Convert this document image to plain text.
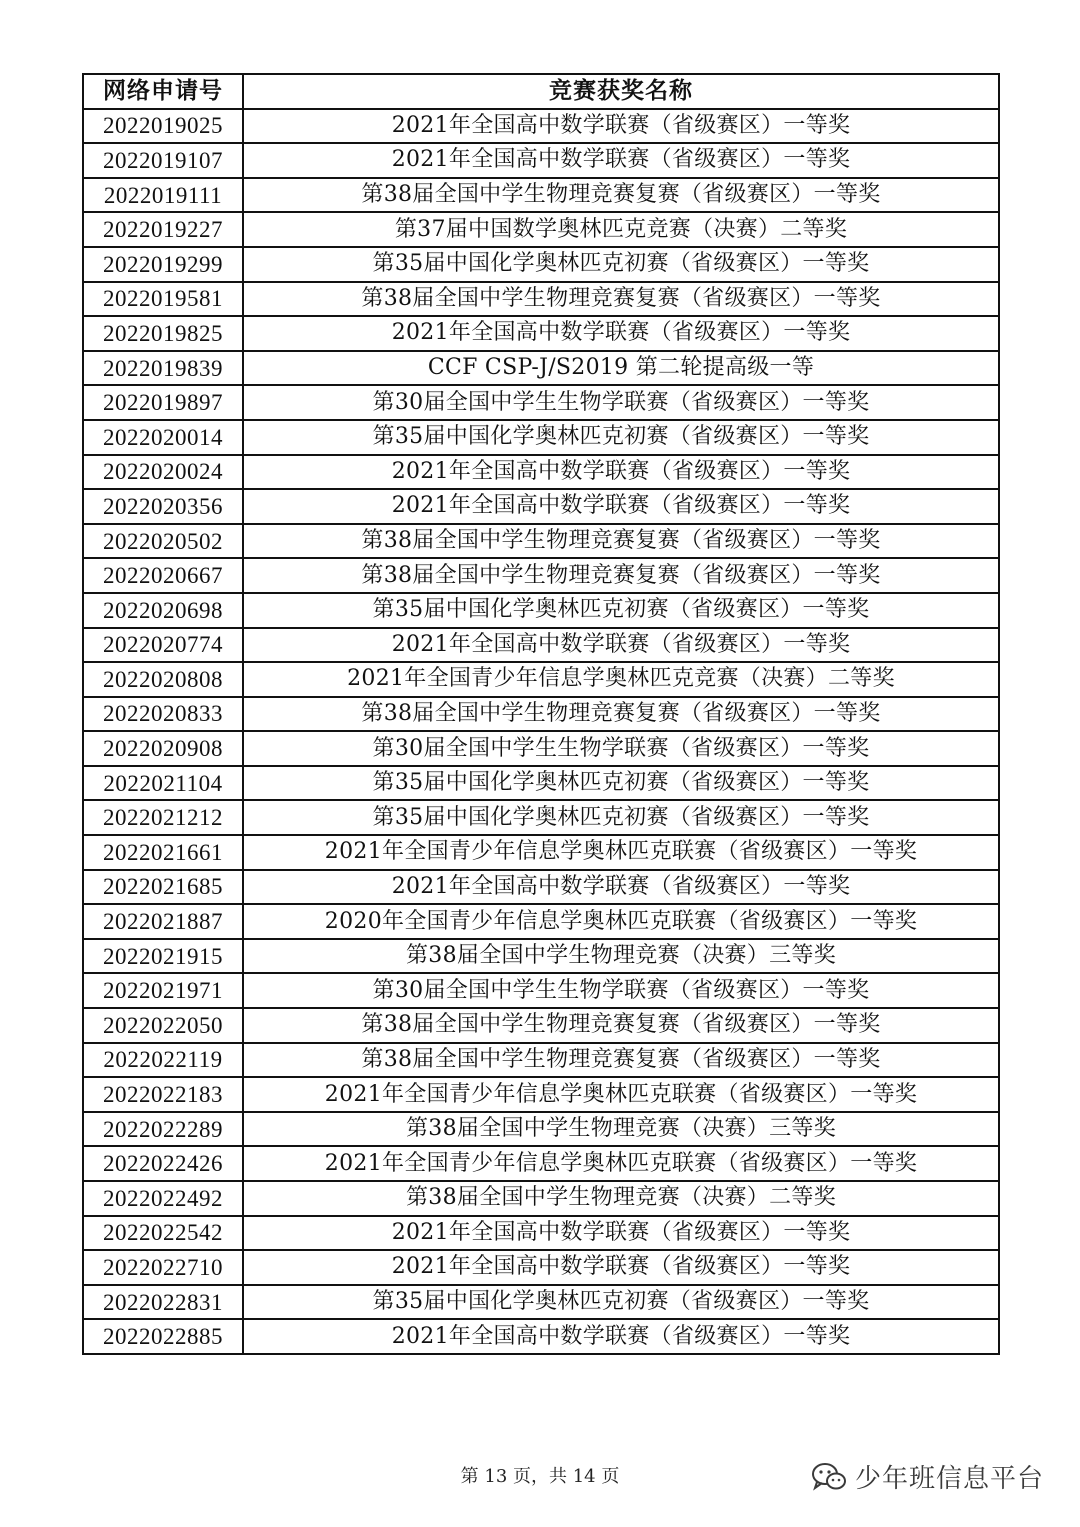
网络申请号	竞赛获奖名称
2022019025	2021年全国高中数学联赛（省级赛区）一等奖
2022019107	2021年全国高中数学联赛（省级赛区）一等奖
2022019111	第38届全国中学生物理竞赛复赛（省级赛区）一等奖
2022019227	第37届中国数学奥林匹克竞赛（决赛）二等奖
2022019299	第35届中国化学奥林匹克初赛（省级赛区）一等奖
2022019581	第38届全国中学生物理竞赛复赛（省级赛区）一等奖
2022019825	2021年全国高中数学联赛（省级赛区）一等奖
2022019839	CCF CSP-J/S2019 第二轮提高级一等
2022019897	第30届全国中学生生物学联赛（省级赛区）一等奖
2022020014	第35届中国化学奥林匹克初赛（省级赛区）一等奖
2022020024	2021年全国高中数学联赛（省级赛区）一等奖
2022020356	2021年全国高中数学联赛（省级赛区）一等奖
2022020502	第38届全国中学生物理竞赛复赛（省级赛区）一等奖
2022020667	第38届全国中学生物理竞赛复赛（省级赛区）一等奖
2022020698	第35届中国化学奥林匹克初赛（省级赛区）一等奖
2022020774	2021年全国高中数学联赛（省级赛区）一等奖
2022020808	2021年全国青少年信息学奥林匹克竞赛（决赛）二等奖
2022020833	第38届全国中学生物理竞赛复赛（省级赛区）一等奖
2022020908	第30届全国中学生生物学联赛（省级赛区）一等奖
2022021104	第35届中国化学奥林匹克初赛（省级赛区）一等奖
2022021212	第35届中国化学奥林匹克初赛（省级赛区）一等奖
2022021661	2021年全国青少年信息学奥林匹克联赛（省级赛区）一等奖
2022021685	2021年全国高中数学联赛（省级赛区）一等奖
2022021887	2020年全国青少年信息学奥林匹克联赛（省级赛区）一等奖
2022021915	第38届全国中学生物理竞赛（决赛）三等奖
2022021971	第30届全国中学生生物学联赛（省级赛区）一等奖
2022022050	第38届全国中学生物理竞赛复赛（省级赛区）一等奖
2022022119	第38届全国中学生物理竞赛复赛（省级赛区）一等奖
2022022183	2021年全国青少年信息学奥林匹克联赛（省级赛区）一等奖
2022022289	第38届全国中学生物理竞赛（决赛）三等奖
2022022426	2021年全国青少年信息学奥林匹克联赛（省级赛区）一等奖
2022022492	第38届全国中学生物理竞赛（决赛）二等奖
2022022542	2021年全国高中数学联赛（省级赛区）一等奖
2022022710	2021年全国高中数学联赛（省级赛区）一等奖
2022022831	第35届中国化学奥林匹克初赛（省级赛区）一等奖
2022022885	2021年全国高中数学联赛（省级赛区）一等奖
第 13 页，共 14 页	少年班信息平台
